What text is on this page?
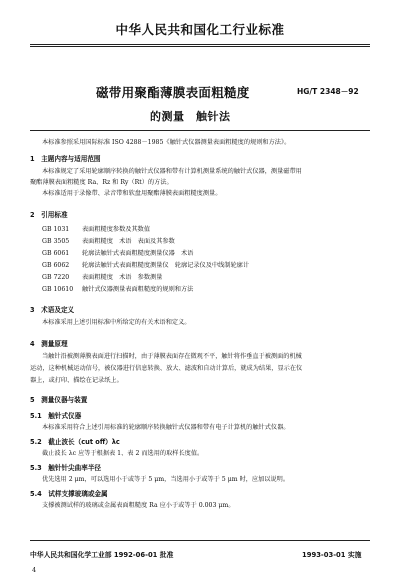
中华人民共和国化工行业标准
磁带用聚酯薄膜表面粗糙度	HG/T 2348－92
的测量　触针法
本标准参照采用国际标准 ISO 4288－1985《触针式仪器测量表面粗糙度的规则和方法》。
1　主题内容与适用范围
本标准规定了采用轮廓顺序转换的触针式仪器和带有计算机测量系统的触针式仪器，测量磁带用
聚酯薄膜表面粗糙度 Ra、Rz 和 Ry（Rt）的方法。
本标准适用于录像带、录音带和软盘用聚酯薄膜表面粗糙度测量。
2　引用标准
GB 1031 表面粗糙度参数及其数值
GB 3505 表面粗糙度　术语　表面及其参数
GB 6061 轮廓法触针式表面粗糙度测量仪器　术语
GB 6062 轮廓法触针式表面粗糙度测量仪　轮廓记录仪及中线制轮廓计
GB 7220 表面粗糙度　术语　参数测量
GB 10610 触针式仪器测量表面粗糙度的规则和方法
3　术语及定义
本标准采用上述引用标准中所给定的有关术语和定义。
4　测量原理
当触针沿被测薄膜表面进行扫描时，由于薄膜表面存在微观不平，触针将作垂直于被测面的机械
运动，这种机械运动信号，被仪器进行信息转换、放大、滤波和自动计算后，就成为结果，显示在仪
器上，或打印、描绘在记录纸上。
5　测量仪器与装置
5.1　触针式仪器
本标准采用符合上述引用标准的轮廓顺序转换触针式仪器和带有电子计算机的触针式仪器。
5.2　截止波长（cut off）λc
截止波长 λc 应等于根据表 1、表 2 而选用的取样长度值。
5.3　触针针尖曲率半径
优先选用 2 μm，可以选用小于或等于 5 μm，当选用小于或等于 5 μm 时，应加以说明。
5.4　试样支撑玻璃或金属
支撑被测试样的玻璃或金属表面粗糙度 Ra 应小于或等于 0.003 μm。
中华人民共和国化学工业部 1992-06-01 批准	1993-03-01 实施
4
